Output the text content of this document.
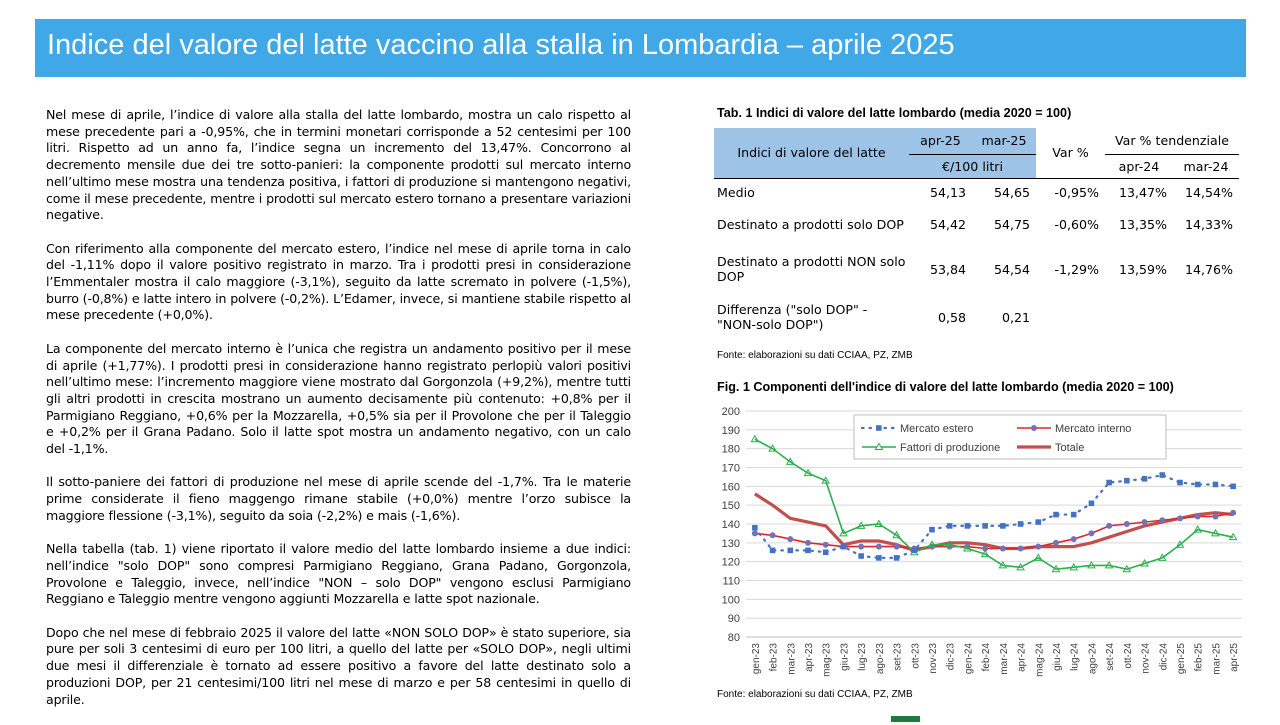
Indice del valore del latte vaccino alla stalla in Lombardia – aprile 2025

Nel mese di aprile, l’indice di valore alla stalla del latte lombardo, mostra un calo rispetto al mese precedente pari a -0,95%, che in termini monetari corrisponde a 52 centesimi per 100 litri. Rispetto ad un anno fa, l’indice segna un incremento del 13,47%. Concorrono al decremento mensile due dei tre sotto-panieri: la componente prodotti sul mercato interno nell’ultimo mese mostra una tendenza positiva, i fattori di produzione si mantengono negativi, come il mese precedente, mentre i prodotti sul mercato estero tornano a presentare variazioni negative.

Con riferimento alla componente del mercato estero, l’indice nel mese di aprile torna in calo del -1,11% dopo il valore positivo registrato in marzo. Tra i prodotti presi in considerazione l’Emmentaler mostra il calo maggiore (-3,1%), seguito da latte scremato in polvere (-1,5%), burro (-0,8%) e latte intero in polvere (-0,2%). L’Edamer, invece, si mantiene stabile rispetto al mese precedente (+0,0%).

La componente del mercato interno è l’unica che registra un andamento positivo per il mese di aprile (+1,77%). I prodotti presi in considerazione hanno registrato perlopiù valori positivi nell’ultimo mese: l’incremento maggiore viene mostrato dal Gorgonzola (+9,2%), mentre tutti gli altri prodotti in crescita mostrano un aumento decisamente più contenuto: +0,8% per il Parmigiano Reggiano, +0,6% per la Mozzarella, +0,5% sia per il Provolone che per il Taleggio e +0,2% per il Grana Padano. Solo il latte spot mostra un andamento negativo, con un calo del -1,1%.

Il sotto-paniere dei fattori di produzione nel mese di aprile scende del -1,7%. Tra le materie prime considerate il fieno maggengo rimane stabile (+0,0%) mentre l’orzo subisce la maggiore flessione (-3,1%), seguito da soia (-2,2%) e mais (-1,6%).

Nella tabella (tab. 1) viene riportato il valore medio del latte lombardo insieme a due indici: nell’indice "solo DOP" sono compresi Parmigiano Reggiano, Grana Padano, Gorgonzola, Provolone e Taleggio, invece, nell’indice "NON – solo DOP" vengono esclusi Parmigiano Reggiano e Taleggio mentre vengono aggiunti Mozzarella e latte spot nazionale.

Dopo che nel mese di febbraio 2025 il valore del latte «NON SOLO DOP» è stato superiore, sia pure per soli 3 centesimi di euro per 100 litri, a quello del latte per «SOLO DOP», negli ultimi due mesi il differenziale è tornato ad essere positivo a favore del latte destinato solo a produzioni DOP, per 21 centesimi/100 litri nel mese di marzo e per 58 centesimi in quello di aprile.

Tab. 1 Indici di valore del latte lombardo (media 2020 = 100)
Indici di valore del latte	apr-25	mar-25	Var %	Var % tendenziale	
	€/100 litri			apr-24	mar-24
Medio	54,13	54,65	-0,95%	13,47%	14,54%
Destinato a prodotti solo DOP	54,42	54,75	-0,60%	13,35%	14,33%
Destinato a prodotti NON solo DOP	53,84	54,54	-1,29%	13,59%	14,76%
Differenza ("solo DOP" - "NON-solo DOP")	0,58	0,21			
Fonte: elaborazioni su dati CCIAA, PZ, ZMB
Fig. 1 Componenti dell'indice di valore del latte lombardo (media 2020 = 100)
80
90
100
110
120
130
140
150
160
170
180
190
200
gen-23 feb-23 mar-23 apr-23 mag-23 giu-23 lug-23 ago-23 set-23 ott-23 nov-23 dic-23 gen-24 feb-24 mar-24 apr-24 mag-24 giu-24 lug-24 ago-24 set-24 ott-24 nov-24 dic-24 gen-25 feb-25 mar-25 apr-25
Mercato estero	Mercato interno
Fattori di produzione	Totale
Fonte: elaborazioni su dati CCIAA, PZ, ZMB
